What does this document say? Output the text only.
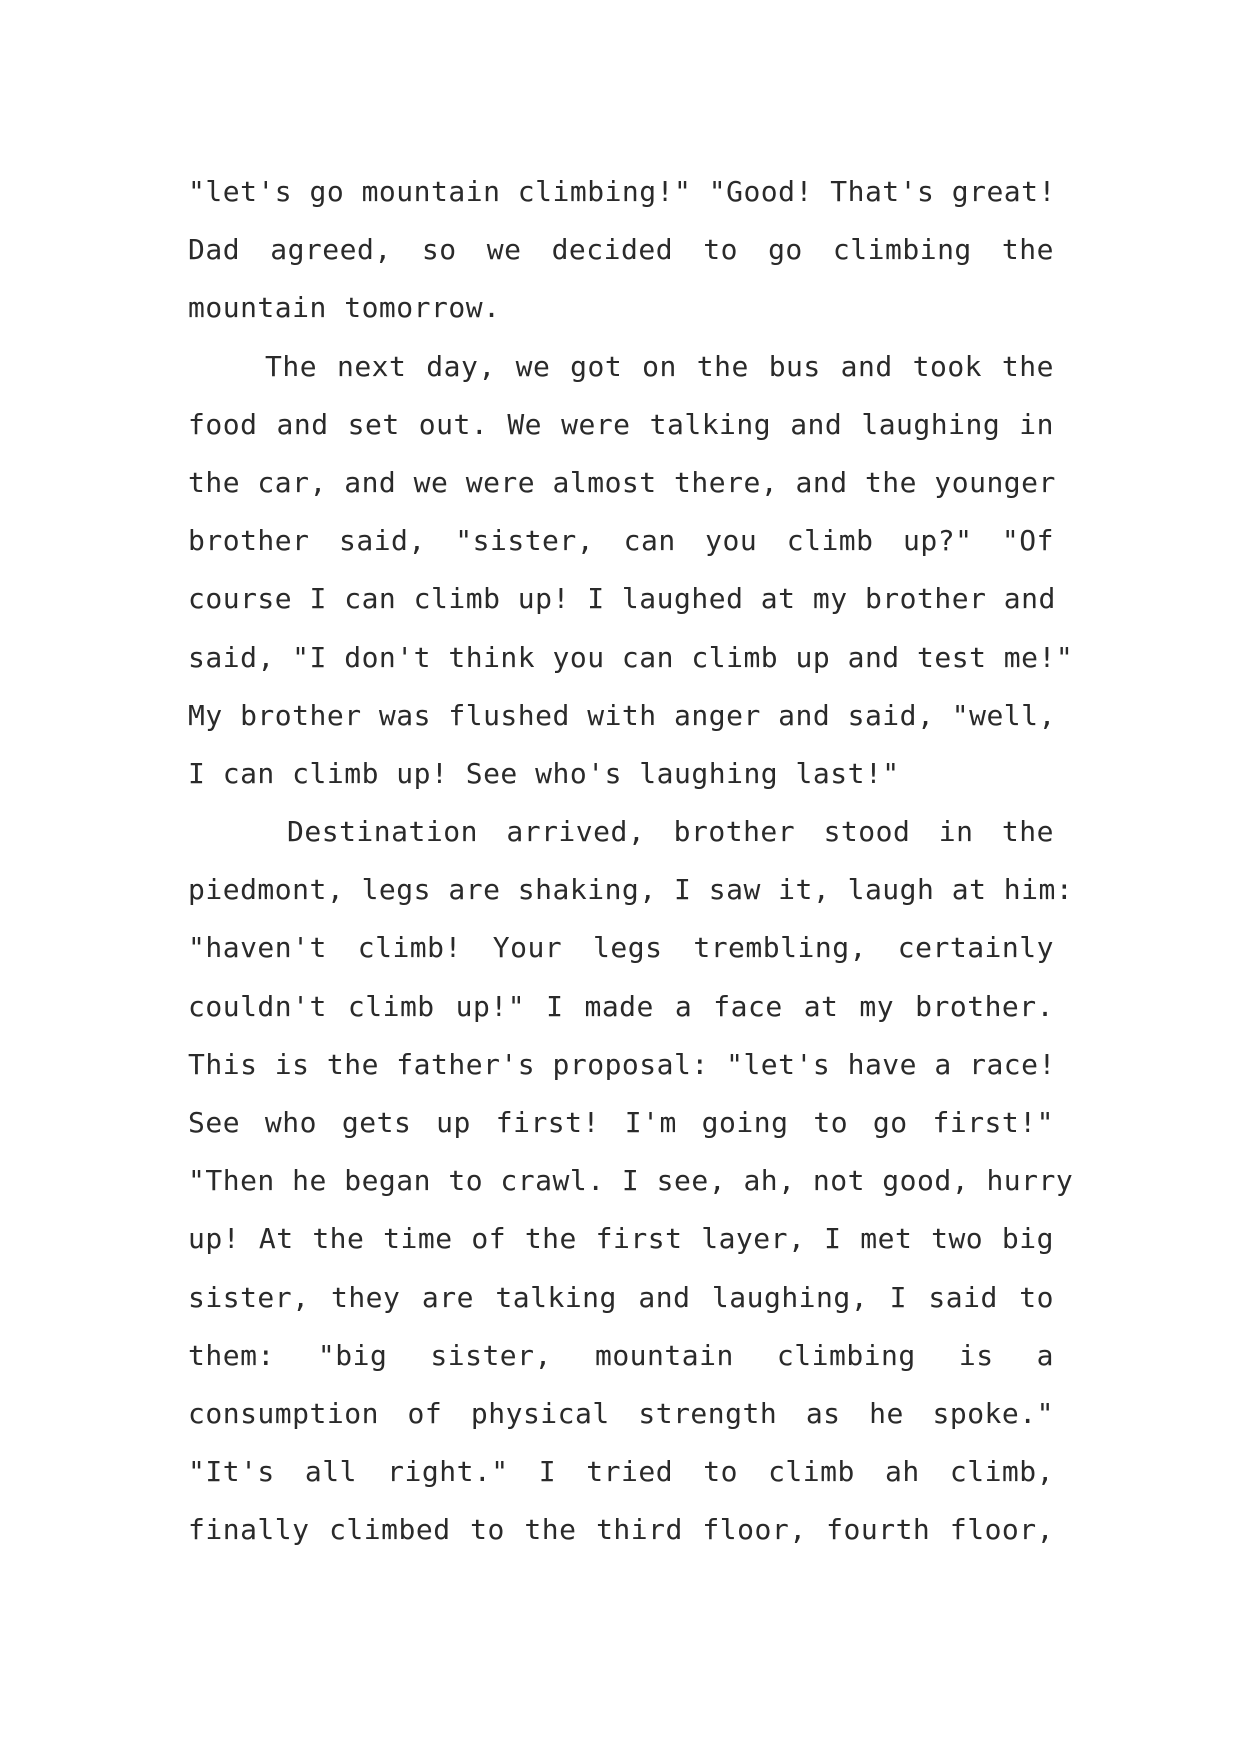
"let's go mountain climbing!" "Good! That's great!
Dad agreed, so we decided to go climbing the
mountain tomorrow.
The next day, we got on the bus and took the
food and set out. We were talking and laughing in
the car, and we were almost there, and the younger
brother said, "sister, can you climb up?" "Of
course I can climb up! I laughed at my brother and
said, "I don't think you can climb up and test me!"
My brother was flushed with anger and said, "well,
I can climb up! See who's laughing last!"
Destination arrived, brother stood in the
piedmont, legs are shaking, I saw it, laugh at him:
"haven't climb! Your legs trembling, certainly
couldn't climb up!" I made a face at my brother.
This is the father's proposal: "let's have a race!
See who gets up first! I'm going to go first!"
"Then he began to crawl. I see, ah, not good, hurry
up! At the time of the first layer, I met two big
sister, they are talking and laughing, I said to
them: "big sister, mountain climbing is a
consumption of physical strength as he spoke."
"It's all right." I tried to climb ah climb,
finally climbed to the third floor, fourth floor,
